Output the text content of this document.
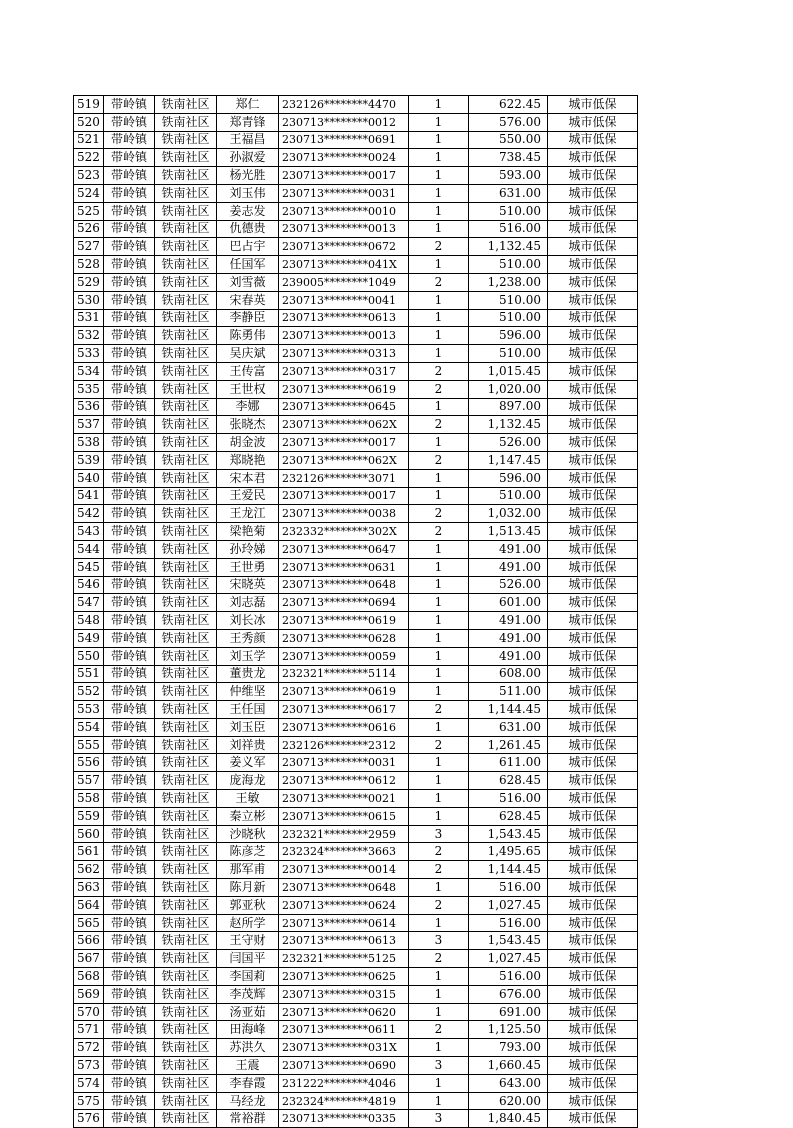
519	带岭镇	铁南社区	郑仁	232126********4470	1	622.45	城市低保
520	带岭镇	铁南社区	郑青锋	230713********0012	1	576.00	城市低保
521	带岭镇	铁南社区	王福昌	230713********0691	1	550.00	城市低保
522	带岭镇	铁南社区	孙淑爱	230713********0024	1	738.45	城市低保
523	带岭镇	铁南社区	杨光胜	230713********0017	1	593.00	城市低保
524	带岭镇	铁南社区	刘玉伟	230713********0031	1	631.00	城市低保
525	带岭镇	铁南社区	姜志发	230713********0010	1	510.00	城市低保
526	带岭镇	铁南社区	仇德贵	230713********0013	1	516.00	城市低保
527	带岭镇	铁南社区	巴占宇	230713********0672	2	1,132.45	城市低保
528	带岭镇	铁南社区	任国军	230713********041X	1	510.00	城市低保
529	带岭镇	铁南社区	刘雪薇	239005********1049	2	1,238.00	城市低保
530	带岭镇	铁南社区	宋春英	230713********0041	1	510.00	城市低保
531	带岭镇	铁南社区	李静臣	230713********0613	1	510.00	城市低保
532	带岭镇	铁南社区	陈勇伟	230713********0013	1	596.00	城市低保
533	带岭镇	铁南社区	吴庆斌	230713********0313	1	510.00	城市低保
534	带岭镇	铁南社区	王传富	230713********0317	2	1,015.45	城市低保
535	带岭镇	铁南社区	王世权	230713********0619	2	1,020.00	城市低保
536	带岭镇	铁南社区	李娜	230713********0645	1	897.00	城市低保
537	带岭镇	铁南社区	张晓杰	230713********062X	2	1,132.45	城市低保
538	带岭镇	铁南社区	胡金波	230713********0017	1	526.00	城市低保
539	带岭镇	铁南社区	郑晓艳	230713********062X	2	1,147.45	城市低保
540	带岭镇	铁南社区	宋本君	232126********3071	1	596.00	城市低保
541	带岭镇	铁南社区	王爱民	230713********0017	1	510.00	城市低保
542	带岭镇	铁南社区	王龙江	230713********0038	2	1,032.00	城市低保
543	带岭镇	铁南社区	梁艳菊	232332********302X	2	1,513.45	城市低保
544	带岭镇	铁南社区	孙玲娣	230713********0647	1	491.00	城市低保
545	带岭镇	铁南社区	王世勇	230713********0631	1	491.00	城市低保
546	带岭镇	铁南社区	宋晓英	230713********0648	1	526.00	城市低保
547	带岭镇	铁南社区	刘志磊	230713********0694	1	601.00	城市低保
548	带岭镇	铁南社区	刘长冰	230713********0619	1	491.00	城市低保
549	带岭镇	铁南社区	王秀颜	230713********0628	1	491.00	城市低保
550	带岭镇	铁南社区	刘玉学	230713********0059	1	491.00	城市低保
551	带岭镇	铁南社区	董贵龙	232321********5114	1	608.00	城市低保
552	带岭镇	铁南社区	仲维坚	230713********0619	1	511.00	城市低保
553	带岭镇	铁南社区	王任国	230713********0617	2	1,144.45	城市低保
554	带岭镇	铁南社区	刘玉臣	230713********0616	1	631.00	城市低保
555	带岭镇	铁南社区	刘祥贵	232126********2312	2	1,261.45	城市低保
556	带岭镇	铁南社区	姜义军	230713********0031	1	611.00	城市低保
557	带岭镇	铁南社区	庞海龙	230713********0612	1	628.45	城市低保
558	带岭镇	铁南社区	王敏	230713********0021	1	516.00	城市低保
559	带岭镇	铁南社区	秦立彬	230713********0615	1	628.45	城市低保
560	带岭镇	铁南社区	沙晓秋	232321********2959	3	1,543.45	城市低保
561	带岭镇	铁南社区	陈彦芝	232324********3663	2	1,495.65	城市低保
562	带岭镇	铁南社区	那军甫	230713********0014	2	1,144.45	城市低保
563	带岭镇	铁南社区	陈月新	230713********0648	1	516.00	城市低保
564	带岭镇	铁南社区	郭亚秋	230713********0624	2	1,027.45	城市低保
565	带岭镇	铁南社区	赵所学	230713********0614	1	516.00	城市低保
566	带岭镇	铁南社区	王守财	230713********0613	3	1,543.45	城市低保
567	带岭镇	铁南社区	闫国平	232321********5125	2	1,027.45	城市低保
568	带岭镇	铁南社区	李国莉	230713********0625	1	516.00	城市低保
569	带岭镇	铁南社区	李茂辉	230713********0315	1	676.00	城市低保
570	带岭镇	铁南社区	汤亚茹	230713********0620	1	691.00	城市低保
571	带岭镇	铁南社区	田海峰	230713********0611	2	1,125.50	城市低保
572	带岭镇	铁南社区	苏洪久	230713********031X	1	793.00	城市低保
573	带岭镇	铁南社区	王震	230713********0690	3	1,660.45	城市低保
574	带岭镇	铁南社区	李春霞	231222********4046	1	643.00	城市低保
575	带岭镇	铁南社区	马经龙	232324********4819	1	620.00	城市低保
576	带岭镇	铁南社区	常裕群	230713********0335	3	1,840.45	城市低保
